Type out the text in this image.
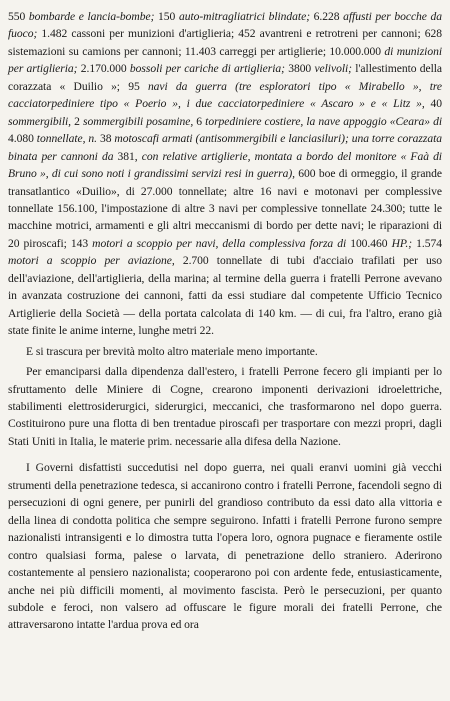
550 bombarde e lancia-bombe; 150 auto-mitragliatrici blindate; 6.228 affusti per bocche da fuoco; 1.482 cassoni per munizioni d'artiglieria; 452 avantreni e retrotreni per cannoni; 628 sistemazioni su camions per cannoni; 11.403 carreggi per artiglierie; 10.000.000 di munizioni per artiglieria; 2.170.000 bossoli per cariche di artiglieria; 3800 velivoli; l'allestimento della corazzata « Duilio »; 95 navi da guerra (tre esploratori tipo « Mirabello », tre cacciatorpediniere tipo « Poerio », i due cacciatorpediniere « Ascaro » e « Litz », 40 sommergibili, 2 sommergibili posamine, 6 torpediniere costiere, la nave appoggio «Ceara» di 4.080 tonnellate, n. 38 motoscafi armati (antisommergibili e lanciasiluri); una torre corazzata binata per cannoni da 381, con relative artiglierie, montata a bordo del monitore « Faà di Bruno », di cui sono noti i grandissimi servizi resi in guerra), 600 boe di ormeggio, il grande transatlantico «Duilio», di 27.000 tonnellate; altre 16 navi e motonavi per complessive tonnellate 156.100, l'impostazione di altre 3 navi per complessive tonnellate 24.300; tutte le macchine motrici, armamenti e gli altri meccanismi di bordo per dette navi; le riparazioni di 20 piroscafi; 143 motori a scoppio per navi, della complessiva forza di 100.460 HP.; 1.574 motori a scoppio per aviazione, 2.700 tonnellate di tubi d'acciaio trafilati per uso dell'aviazione, dell'artiglieria, della marina; al termine della guerra i fratelli Perrone avevano in avanzata costruzione dei cannoni, fatti da essi studiare dal competente Ufficio Tecnico Artiglierie della Società — della portata calcolata di 140 km. — di cui, fra l'altro, erano già state finite le anime interne, lunghe metri 22.

E si trascura per brevità molto altro materiale meno importante.

Per emanciparsi dalla dipendenza dall'estero, i fratelli Perrone fecero gli impianti per lo sfruttamento delle Miniere di Cogne, crearono imponenti derivazioni idroelettriche, stabilimenti elettrosiderurgici, siderurgici, meccanici, che trasformarono nel dopo guerra. Costituirono pure una flotta di ben trentadue piroscafi per trasportare con mezzi propri, dagli Stati Uniti in Italia, le materie prim. necessarie alla difesa della Nazione.

I Governi disfattisti succedutisi nel dopo guerra, nei quali eranvi uomini già vecchi strumenti della penetrazione tedesca, si accanirono contro i fratelli Perrone, facendoli segno di persecuzioni di ogni genere, per punirli del grandioso contributo da essi dato alla vittoria e della linea di condotta politica che sempre seguirono. Infatti i fratelli Perrone furono sempre nazionalisti intransigenti e lo dimostra tutta l'opera loro, ognora pugnace e fieramente ostile contro qualsiasi forma, palese o larvata, di penetrazione dello straniero. Aderirono costantemente al pensiero nazionalista; cooperarono poi con ardente fede, entusiasticamente, anche nei più difficili momenti, al movimento fascista. Però le persecuzioni, per quanto subdole e feroci, non valsero ad offuscare le figure morali dei fratelli Perrone, che attraversarono intatte l'ardua prova ed ora
